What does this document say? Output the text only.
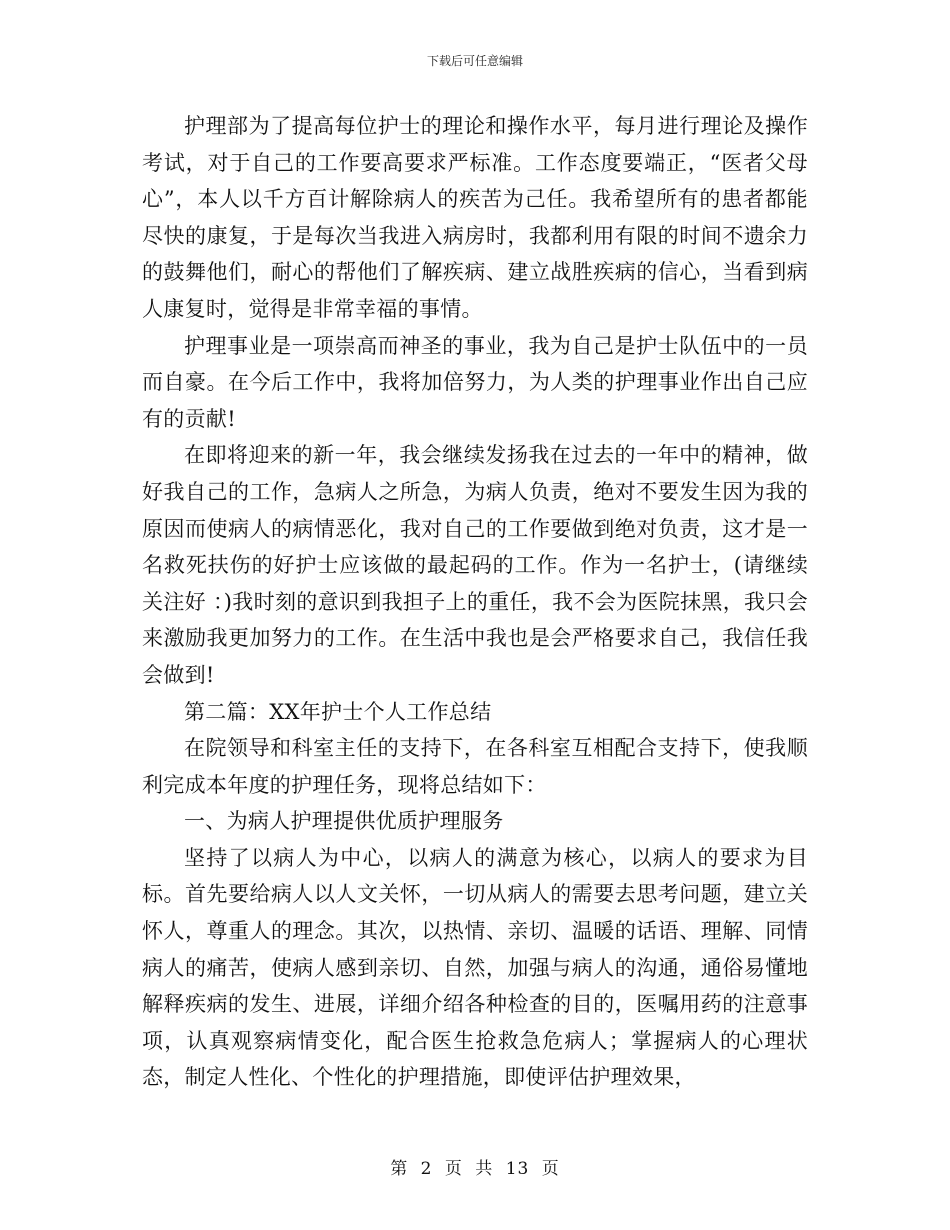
下载后可任意编辑

护理部为了提高每位护士的理论和操作水平，每月进行理论及操作考试，对于自己的工作要高要求严标准。工作态度要端正，“医者父母心”，本人以千方百计解除病人的疾苦为己任。我希望所有的患者都能尽快的康复，于是每次当我进入病房时，我都利用有限的时间不遗余力的鼓舞他们，耐心的帮他们了解疾病、建立战胜疾病的信心，当看到病人康复时，觉得是非常幸福的事情。

护理事业是一项崇高而神圣的事业，我为自己是护士队伍中的一员而自豪。在今后工作中，我将加倍努力，为人类的护理事业作出自己应有的贡献!

在即将迎来的新一年，我会继续发扬我在过去的一年中的精神，做好我自己的工作，急病人之所急，为病人负责，绝对不要发生因为我的原因而使病人的病情恶化，我对自己的工作要做到绝对负责，这才是一名救死扶伤的好护士应该做的最起码的工作。作为一名护士，(请继续关注好 ：)我时刻的意识到我担子上的重任，我不会为医院抹黑，我只会来激励我更加努力的工作。在生活中我也是会严格要求自己，我信任我会做到!

第二篇：XX年护士个人工作总结

在院领导和科室主任的支持下，在各科室互相配合支持下，使我顺利完成本年度的护理任务，现将总结如下：

一、为病人护理提供优质护理服务

坚持了以病人为中心，以病人的满意为核心，以病人的要求为目标。首先要给病人以人文关怀，一切从病人的需要去思考问题，建立关怀人，尊重人的理念。其次，以热情、亲切、温暖的话语、理解、同情病人的痛苦，使病人感到亲切、自然，加强与病人的沟通，通俗易懂地解释疾病的发生、进展，详细介绍各种检查的目的，医嘱用药的注意事项，认真观察病情变化，配合医生抢救急危病人；掌握病人的心理状态，制定人性化、个性化的护理措施，即使评估护理效果，

第 2 页 共 13 页
